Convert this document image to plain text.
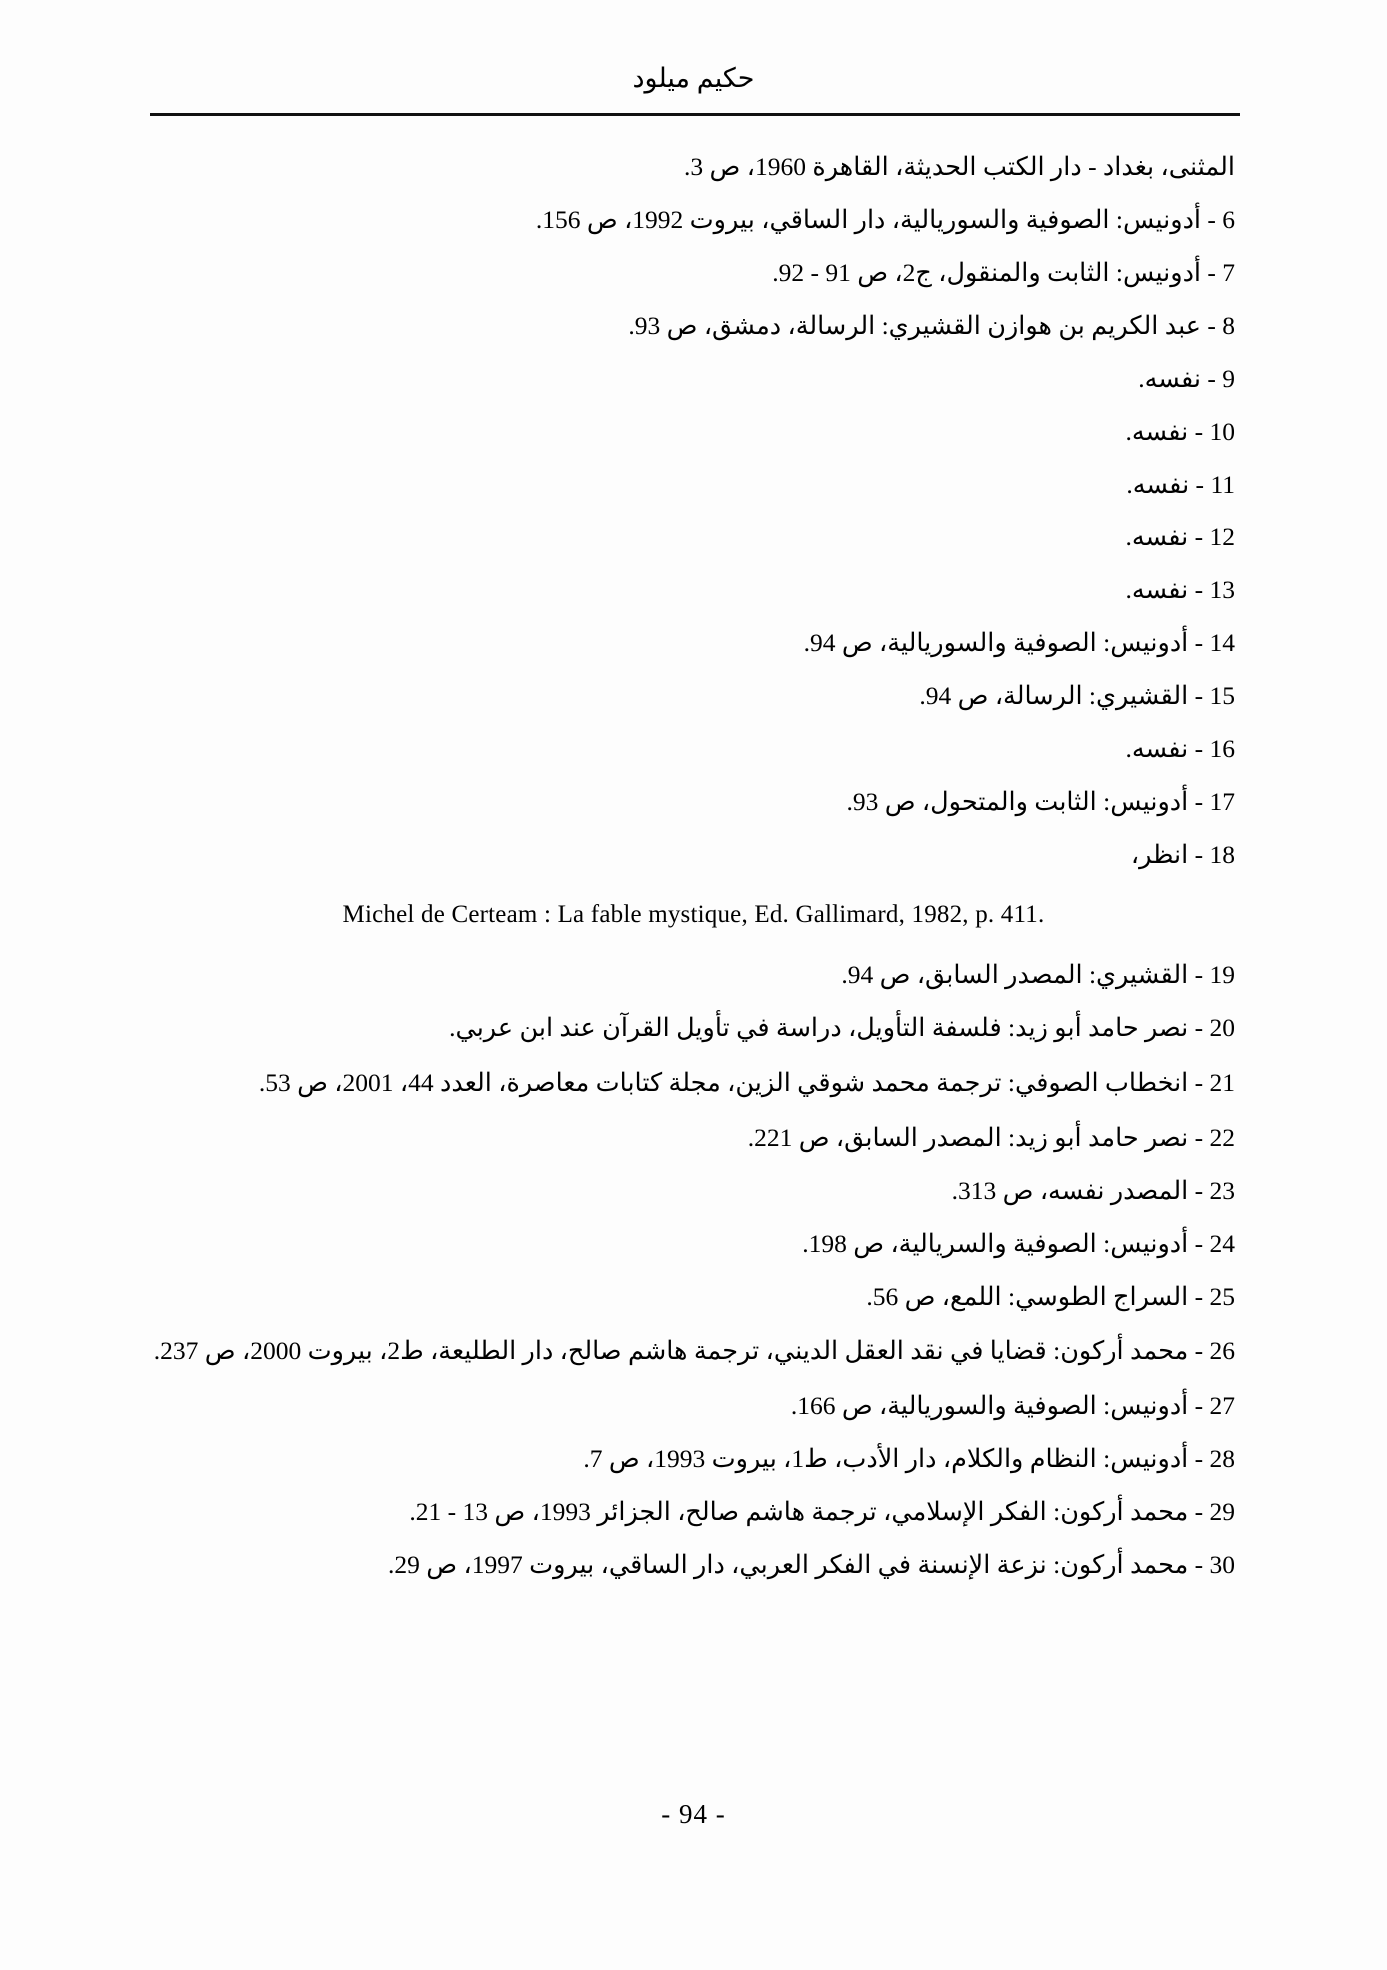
حكيم ميلود

المثنى، بغداد - دار الكتب الحديثة، القاهرة 1960، ص 3.

6 - أدونيس: الصوفية والسوريالية، دار الساقي، بيروت 1992، ص 156.

7 - أدونيس: الثابت والمنقول، ج2، ص 91 - 92.

8 - عبد الكريم بن هوازن القشيري: الرسالة، دمشق، ص 93.

9 - نفسه.

10 - نفسه.

11 - نفسه.

12 - نفسه.

13 - نفسه.

14 - أدونيس: الصوفية والسوريالية، ص 94.

15 - القشيري: الرسالة، ص 94.

16 - نفسه.

17 - أدونيس: الثابت والمتحول، ص 93.

18 - انظر،

Michel de Certeam : La fable mystique, Ed. Gallimard, 1982, p. 411.

19 - القشيري: المصدر السابق، ص 94.

20 - نصر حامد أبو زيد: فلسفة التأويل، دراسة في تأويل القرآن عند ابن عربي.

21 - انخطاب الصوفي: ترجمة محمد شوقي الزين، مجلة كتابات معاصرة، العدد 44، 2001، ص 53.

22 - نصر حامد أبو زيد: المصدر السابق، ص 221.

23 - المصدر نفسه، ص 313.

24 - أدونيس: الصوفية والسريالية، ص 198.

25 - السراج الطوسي: اللمع، ص 56.

26 - محمد أركون: قضايا في نقد العقل الديني، ترجمة هاشم صالح، دار الطليعة، ط2، بيروت 2000، ص 237.

27 - أدونيس: الصوفية والسوريالية، ص 166.

28 - أدونيس: النظام والكلام، دار الأدب، ط1، بيروت 1993، ص 7.

29 - محمد أركون: الفكر الإسلامي، ترجمة هاشم صالح، الجزائر 1993، ص 13 - 21.

30 - محمد أركون: نزعة الإنسنة في الفكر العربي، دار الساقي، بيروت 1997، ص 29.

- 94 -
